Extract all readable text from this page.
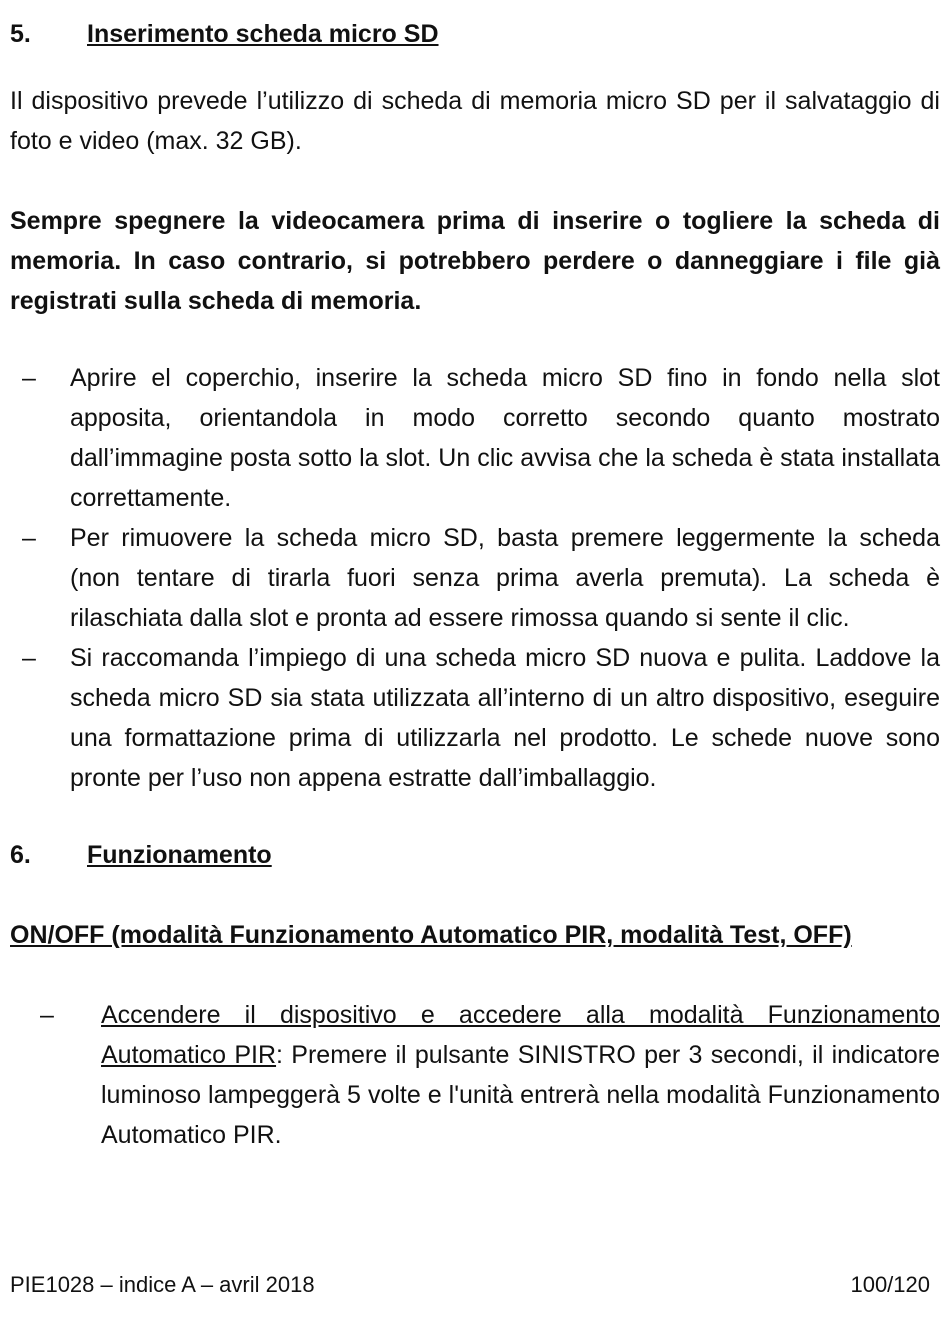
5.	Inserimento scheda micro SD

Il dispositivo prevede l’utilizzo di scheda di memoria micro SD per il salvataggio di foto e video (max. 32 GB).

Sempre spegnere la videocamera prima di inserire o togliere la scheda di memoria. In caso contrario, si potrebbero perdere o danneggiare i file già registrati sulla scheda di memoria.

– Aprire el coperchio, inserire la scheda micro SD fino in fondo nella slot apposita, orientandola in modo corretto secondo quanto mostrato dall’immagine posta sotto la slot. Un clic avvisa che la scheda è stata installata correttamente.
– Per rimuovere la scheda micro SD, basta premere leggermente la scheda (non tentare di tirarla fuori senza prima averla premuta). La scheda è rilaschiata dalla slot e pronta ad essere rimossa quando si sente il clic.
– Si raccomanda l’impiego di una scheda micro SD nuova e pulita. Laddove la scheda micro SD sia stata utilizzata all’interno di un altro dispositivo, eseguire una formattazione prima di utilizzarla nel prodotto. Le schede nuove sono pronte per l’uso non appena estratte dall’imballaggio.
6.	Funzionamento

ON/OFF (modalità Funzionamento Automatico PIR, modalità Test, OFF)

– Accendere il dispositivo e accedere alla modalità Funzionamento Automatico PIR: Premere il pulsante SINISTRO per 3 secondi, il indicatore luminoso lampeggerà 5 volte e l'unità entrerà nella modalità Funzionamento Automatico PIR.
PIE1028 – indice A – avril 2018	100/120
